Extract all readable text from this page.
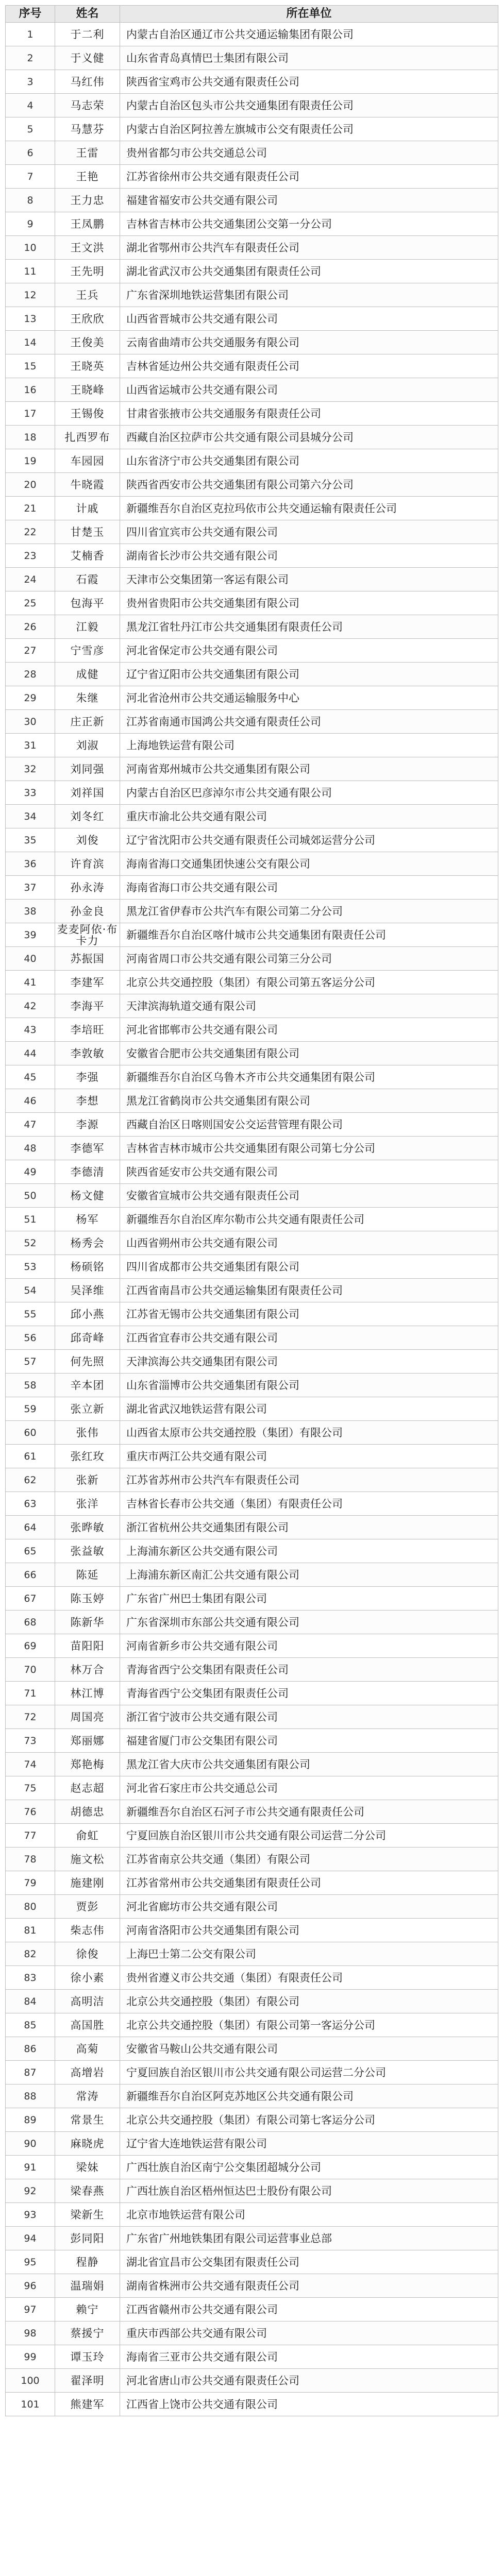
序号	姓名	所在单位
1	于二利	内蒙古自治区通辽市公共交通运输集团有限公司
2	于义健	山东省青岛真情巴士集团有限公司
3	马红伟	陕西省宝鸡市公共交通有限责任公司
4	马志荣	内蒙古自治区包头市公共交通集团有限责任公司
5	马慧芬	内蒙古自治区阿拉善左旗城市公交有限责任公司
6	王雷	贵州省都匀市公共交通总公司
7	王艳	江苏省徐州市公共交通有限责任公司
8	王力忠	福建省福安市公共交通有限公司
9	王凤鹏	吉林省吉林市公共交通集团公交第一分公司
10	王文洪	湖北省鄂州市公共汽车有限责任公司
11	王先明	湖北省武汉市公共交通集团有限责任公司
12	王兵	广东省深圳地铁运营集团有限公司
13	王欣欣	山西省晋城市公共交通有限公司
14	王俊美	云南省曲靖市公共交通服务有限公司
15	王晓英	吉林省延边州公共交通有限责任公司
16	王晓峰	山西省运城市公共交通有限公司
17	王锡俊	甘肃省张掖市公共交通服务有限责任公司
18	扎西罗布	西藏自治区拉萨市公共交通有限公司县城分公司
19	车园园	山东省济宁市公共交通集团有限公司
20	牛晓霞	陕西省西安市公共交通集团有限公司第六分公司
21	计戚	新疆维吾尔自治区克拉玛依市公共交通运输有限责任公司
22	甘楚玉	四川省宜宾市公共交通有限公司
23	艾楠香	湖南省长沙市公共交通有限公司
24	石霞	天津市公交集团第一客运有限公司
25	包海平	贵州省贵阳市公共交通集团有限公司
26	江毅	黑龙江省牡丹江市公共交通集团有限责任公司
27	宁雪彦	河北省保定市公共交通有限公司
28	成健	辽宁省辽阳市公共交通集团有限公司
29	朱继	河北省沧州市公共交通运输服务中心
30	庄正新	江苏省南通市国鸿公共交通有限责任公司
31	刘淑	上海地铁运营有限公司
32	刘同强	河南省郑州城市公共交通集团有限公司
33	刘祥国	内蒙古自治区巴彦淖尔市公共交通有限公司
34	刘冬红	重庆市渝北公共交通有限公司
35	刘俊	辽宁省沈阳市公共交通有限责任公司城郊运营分公司
36	许育滨	海南省海口交通集团快速公交有限公司
37	孙永涛	海南省海口市公共交通有限公司
38	孙金良	黑龙江省伊春市公共汽车有限公司第二分公司
39	麦麦阿依·布卡力	新疆维吾尔自治区喀什城市公共交通集团有限责任公司
40	苏振国	河南省周口市公共交通有限公司第三分公司
41	李建军	北京公共交通控股（集团）有限公司第五客运分公司
42	李海平	天津滨海轨道交通有限公司
43	李培旺	河北省邯郸市公共交通有限公司
44	李敦敏	安徽省合肥市公共交通集团有限公司
45	李强	新疆维吾尔自治区乌鲁木齐市公共交通集团有限公司
46	李想	黑龙江省鹤岗市公共交通集团有限公司
47	李源	西藏自治区日喀则国安公交运营管理有限公司
48	李德军	吉林省吉林市城市公共交通集团有限公司第七分公司
49	李德清	陕西省延安市公共交通有限公司
50	杨文健	安徽省宣城市公共交通有限责任公司
51	杨军	新疆维吾尔自治区库尔勒市公共交通有限责任公司
52	杨秀会	山西省朔州市公共交通有限公司
53	杨硕铭	四川省成都市公共交通集团有限公司
54	吴泽维	江西省南昌市公共交通运输集团有限责任公司
55	邱小燕	江苏省无锡市公共交通集团有限公司
56	邱奇峰	江西省宜春市公共交通有限公司
57	何先照	天津滨海公共交通集团有限公司
58	辛本团	山东省淄博市公共交通集团有限公司
59	张立新	湖北省武汉地铁运营有限公司
60	张伟	山西省太原市公共交通控股（集团）有限公司
61	张红玫	重庆市两江公共交通有限公司
62	张新	江苏省苏州市公共汽车有限责任公司
63	张洋	吉林省长春市公共交通（集团）有限责任公司
64	张晔敏	浙江省杭州公共交通集团有限公司
65	张益敏	上海浦东新区公共交通有限公司
66	陈延	上海浦东新区南汇公共交通有限公司
67	陈玉婷	广东省广州巴士集团有限公司
68	陈新华	广东省深圳市东部公共交通有限公司
69	苗阳阳	河南省新乡市公共交通有限公司
70	林万合	青海省西宁公交集团有限责任公司
71	林江博	青海省西宁公交集团有限责任公司
72	周国亮	浙江省宁波市公共交通有限公司
73	郑丽娜	福建省厦门市公交集团有限公司
74	郑艳梅	黑龙江省大庆市公共交通集团有限公司
75	赵志超	河北省石家庄市公共交通总公司
76	胡德忠	新疆维吾尔自治区石河子市公共交通有限责任公司
77	俞虹	宁夏回族自治区银川市公共交通有限公司运营二分公司
78	施文松	江苏省南京公共交通（集团）有限公司
79	施建刚	江苏省常州市公共交通集团有限责任公司
80	贾彭	河北省廊坊市公共交通有限公司
81	柴志伟	河南省洛阳市公共交通集团有限公司
82	徐俊	上海巴士第二公交有限公司
83	徐小素	贵州省遵义市公共交通（集团）有限责任公司
84	高明洁	北京公共交通控股（集团）有限公司
85	高国胜	北京公共交通控股（集团）有限公司第一客运分公司
86	高菊	安徽省马鞍山公共交通有限公司
87	高增岩	宁夏回族自治区银川市公共交通有限公司运营二分公司
88	常涛	新疆维吾尔自治区阿克苏地区公共交通有限公司
89	常景生	北京公共交通控股（集团）有限公司第七客运分公司
90	麻晓虎	辽宁省大连地铁运营有限公司
91	梁妹	广西壮族自治区南宁公交集团超城分公司
92	梁春燕	广西壮族自治区梧州恒达巴士股份有限公司
93	梁新生	北京市地铁运营有限公司
94	彭同阳	广东省广州地铁集团有限公司运营事业总部
95	程静	湖北省宜昌市公交集团有限责任公司
96	温瑞娟	湖南省株洲市公共交通有限责任公司
97	赖宁	江西省赣州市公共交通有限公司
98	蔡援宁	重庆市西部公共交通有限公司
99	谭玉玲	海南省三亚市公共交通有限公司
100	翟泽明	河北省唐山市公共交通有限责任公司
101	熊建军	江西省上饶市公共交通有限公司
